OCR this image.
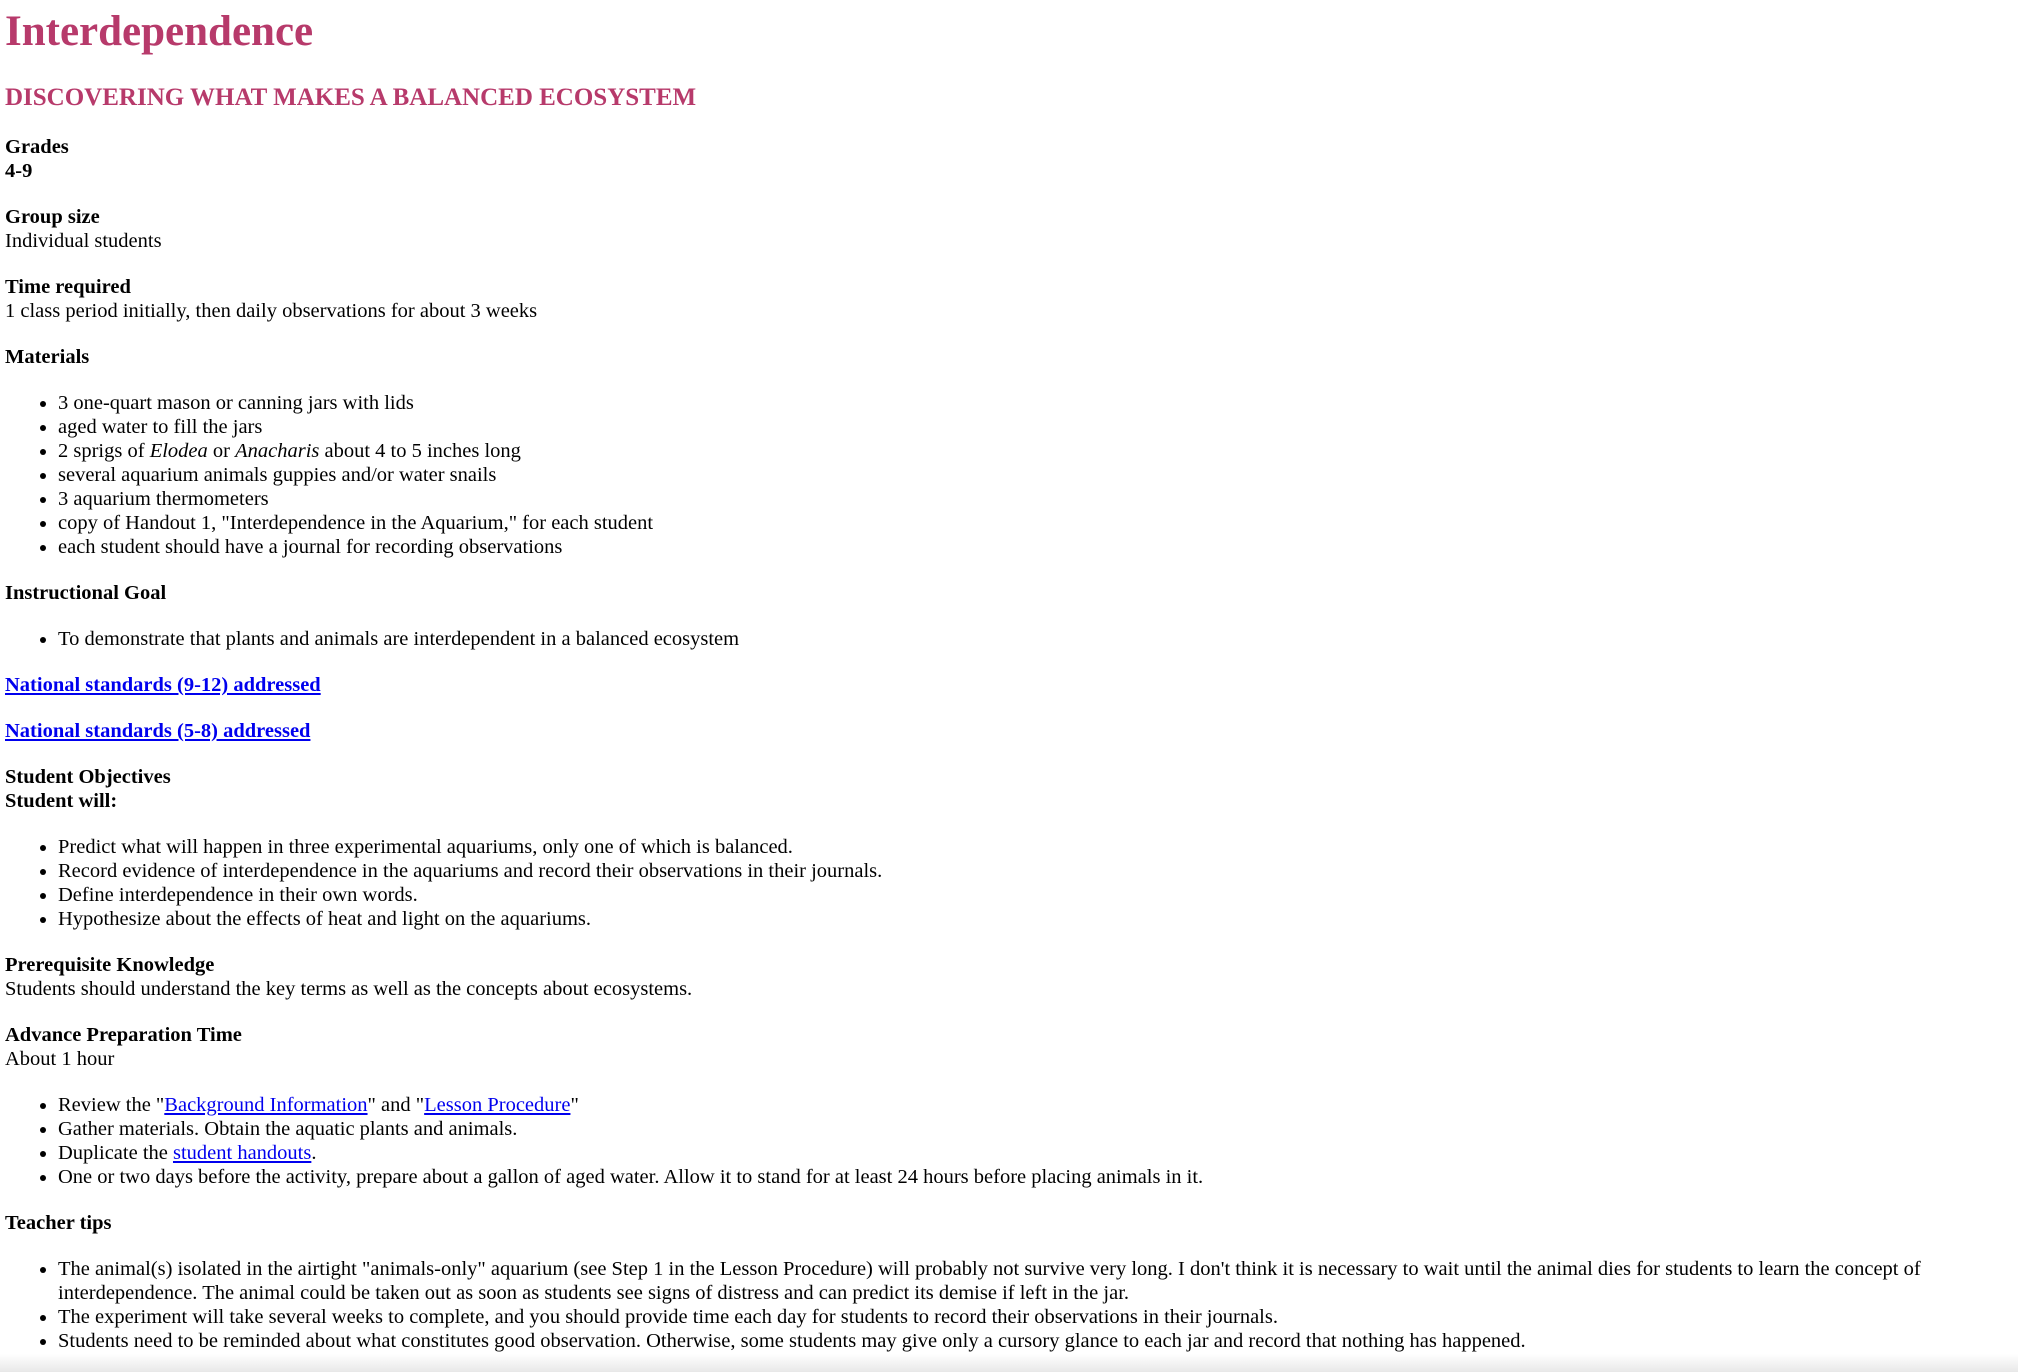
Interdependence
DISCOVERING WHAT MAKES A BALANCED ECOSYSTEM
Grades
4-9
Group size
Individual students
Time required
1 class period initially, then daily observations for about 3 weeks
Materials
• 3 one-quart mason or canning jars with lids
• aged water to fill the jars
• 2 sprigs of Elodea or Anacharis about 4 to 5 inches long
• several aquarium animals guppies and/or water snails
• 3 aquarium thermometers
• copy of Handout 1, "Interdependence in the Aquarium," for each student
• each student should have a journal for recording observations
Instructional Goal
• To demonstrate that plants and animals are interdependent in a balanced ecosystem
National standards (9-12) addressed
National standards (5-8) addressed
Student Objectives
Student will:
• Predict what will happen in three experimental aquariums, only one of which is balanced.
• Record evidence of interdependence in the aquariums and record their observations in their journals.
• Define interdependence in their own words.
• Hypothesize about the effects of heat and light on the aquariums.
Prerequisite Knowledge
Students should understand the key terms as well as the concepts about ecosystems.
Advance Preparation Time
About 1 hour
• Review the "Background Information" and "Lesson Procedure"
• Gather materials. Obtain the aquatic plants and animals.
• Duplicate the student handouts.
• One or two days before the activity, prepare about a gallon of aged water. Allow it to stand for at least 24 hours before placing animals in it.
Teacher tips
• The animal(s) isolated in the airtight "animals-only" aquarium (see Step 1 in the Lesson Procedure) will probably not survive very long. I don't think it is necessary to wait until the animal dies for students to learn the concept of interdependence. The animal could be taken out as soon as students see signs of distress and can predict its demise if left in the jar.
• The experiment will take several weeks to complete, and you should provide time each day for students to record their observations in their journals.
• Students need to be reminded about what constitutes good observation. Otherwise, some students may give only a cursory glance to each jar and record that nothing has happened.
